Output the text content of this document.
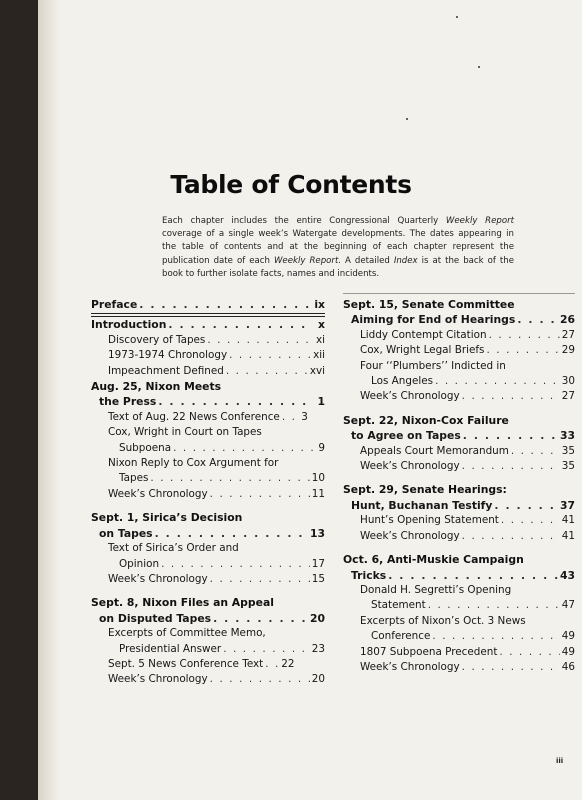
Table of Contents
Each chapter includes the entire Congressional Quarterly Weekly Report coverage of a single week’s Watergate developments. The dates appearing in the table of contents and at the beginning of each chapter represent the publication date of each Weekly Report. A detailed Index is at the back of the book to further isolate facts, names and incidents.
Preface . . .	ix
Introduction . . .	x
Discovery of Tapes . . .	xi
1973-1974 Chronology . . .	xii
Impeachment Defined . . .	xvi
Aug. 25, Nixon Meets
the Press . . .	1
Text of Aug. 22 News Conference . . .	3
Cox, Wright in Court on Tapes
Subpoena . . .	9
Nixon Reply to Cox Argument for
Tapes . . .	10
Week’s Chronology . . .	11
Sept. 1, Sirica’s Decision
on Tapes . . .	13
Text of Sirica’s Order and
Opinion . . .	17
Week’s Chronology . . .	15
Sept. 8, Nixon Files an Appeal
on Disputed Tapes . . .	20
Excerpts of Committee Memo,
Presidential Answer . . .	23
Sept. 5 News Conference Text . . . 22
Week’s Chronology . . .	20
Sept. 15, Senate Committee
Aiming for End of Hearings . . .	26
Liddy Contempt Citation . . .	27
Cox, Wright Legal Briefs . . .	29
Four ‘‘Plumbers’’ Indicted in
Los Angeles . . .	30
Week’s Chronology . . .	27
Sept. 22, Nixon-Cox Failure
to Agree on Tapes . . .	33
Appeals Court Memorandum . . .	35
Week’s Chronology . . .	35
Sept. 29, Senate Hearings:
Hunt, Buchanan Testify . . .	37
Hunt’s Opening Statement . . .	41
Week’s Chronology . . .	41
Oct. 6, Anti-Muskie Campaign
Tricks . . .	43
Donald H. Segretti’s Opening
Statement . . .	47
Excerpts of Nixon’s Oct. 3 News
Conference . . .	49
1807 Subpoena Precedent . . .	49
Week’s Chronology . . .	46
iii
